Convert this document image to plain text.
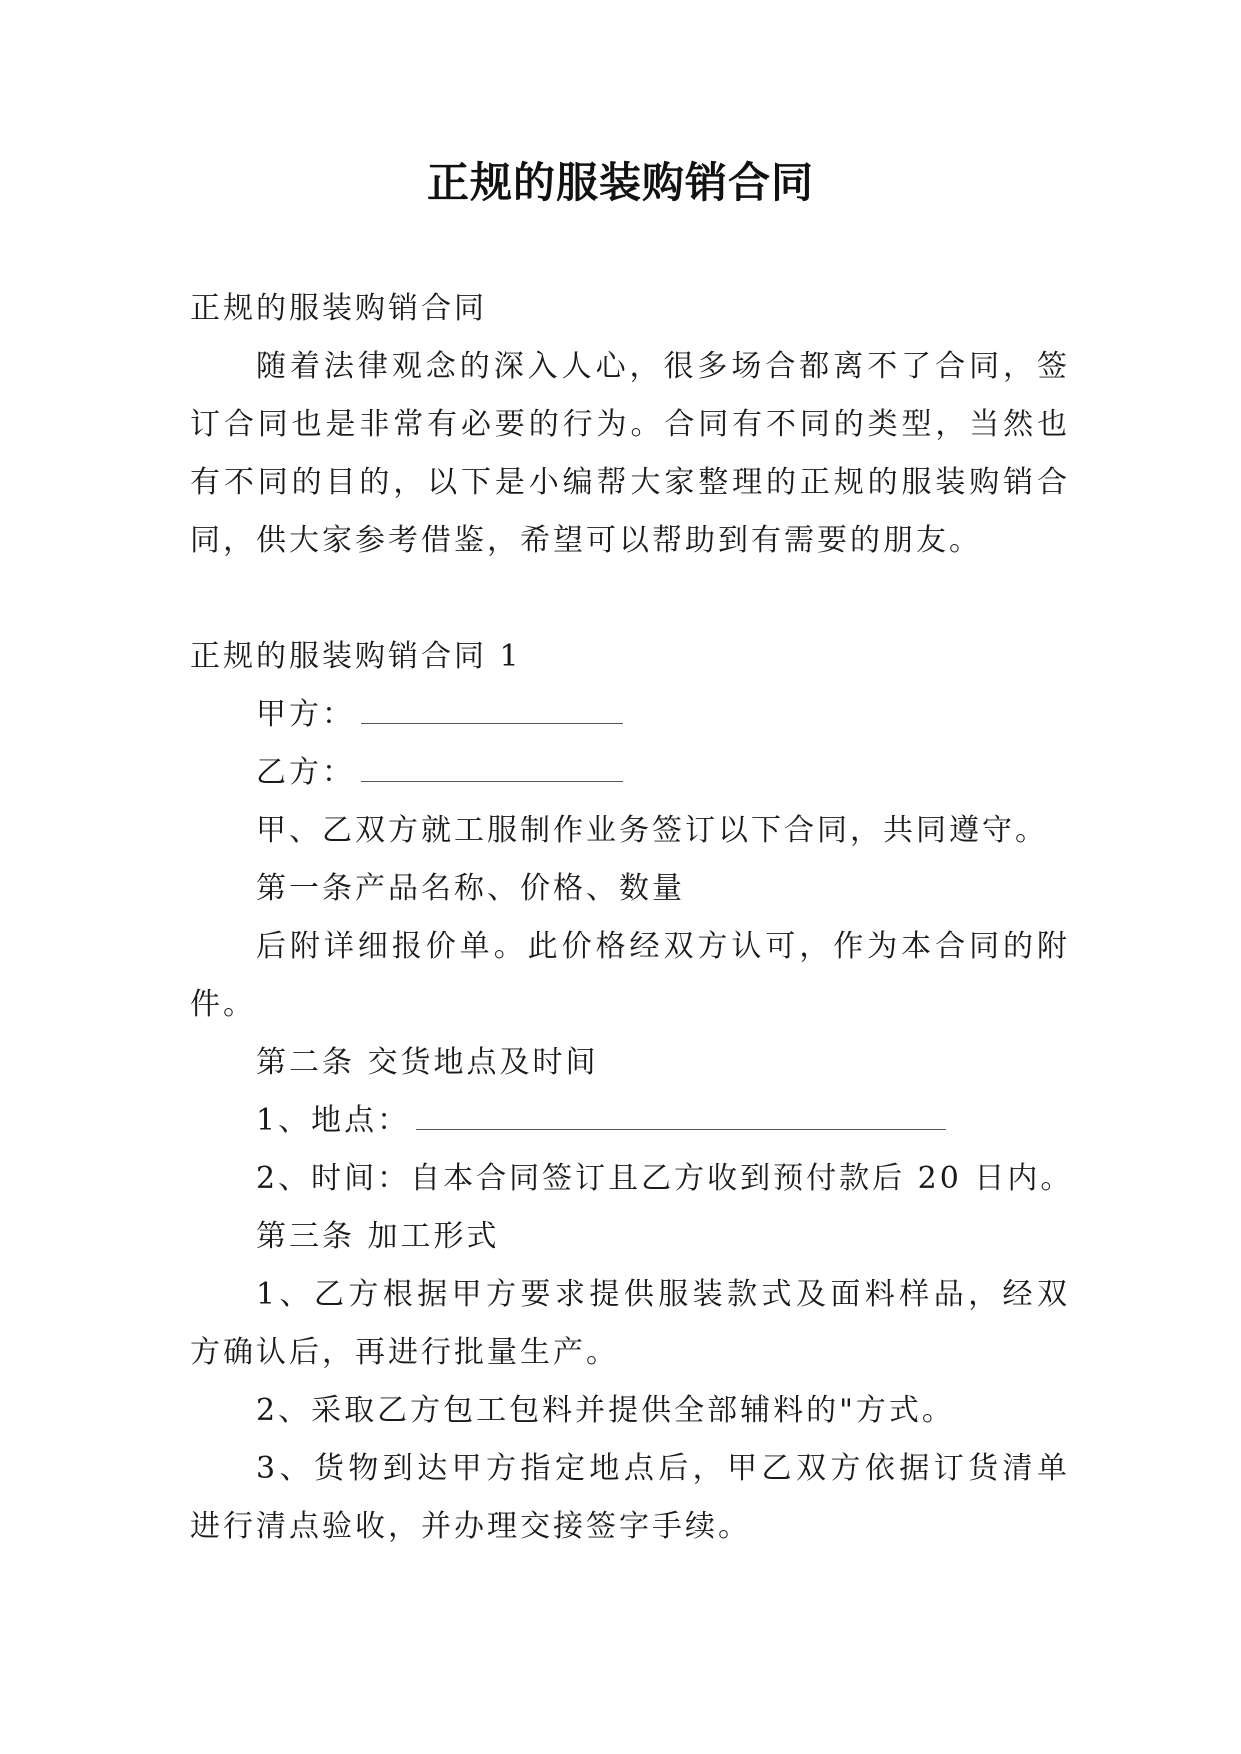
正规的服装购销合同

正规的服装购销合同

随着法律观念的深入人心，很多场合都离不了合同，签订合同也是非常有必要的行为。合同有不同的类型，当然也有不同的目的，以下是小编帮大家整理的正规的服装购销合同，供大家参考借鉴，希望可以帮助到有需要的朋友。

正规的服装购销合同 1

甲方：

乙方：

甲、乙双方就工服制作业务签订以下合同，共同遵守。

第一条产品名称、价格、数量

后附详细报价单。此价格经双方认可，作为本合同的附件。

第二条 交货地点及时间

1、地点：

2、时间：自本合同签订且乙方收到预付款后 20 日内。

第三条 加工形式

1、乙方根据甲方要求提供服装款式及面料样品，经双方确认后，再进行批量生产。

2、采取乙方包工包料并提供全部辅料的"方式。

3、货物到达甲方指定地点后，甲乙双方依据订货清单进行清点验收，并办理交接签字手续。
